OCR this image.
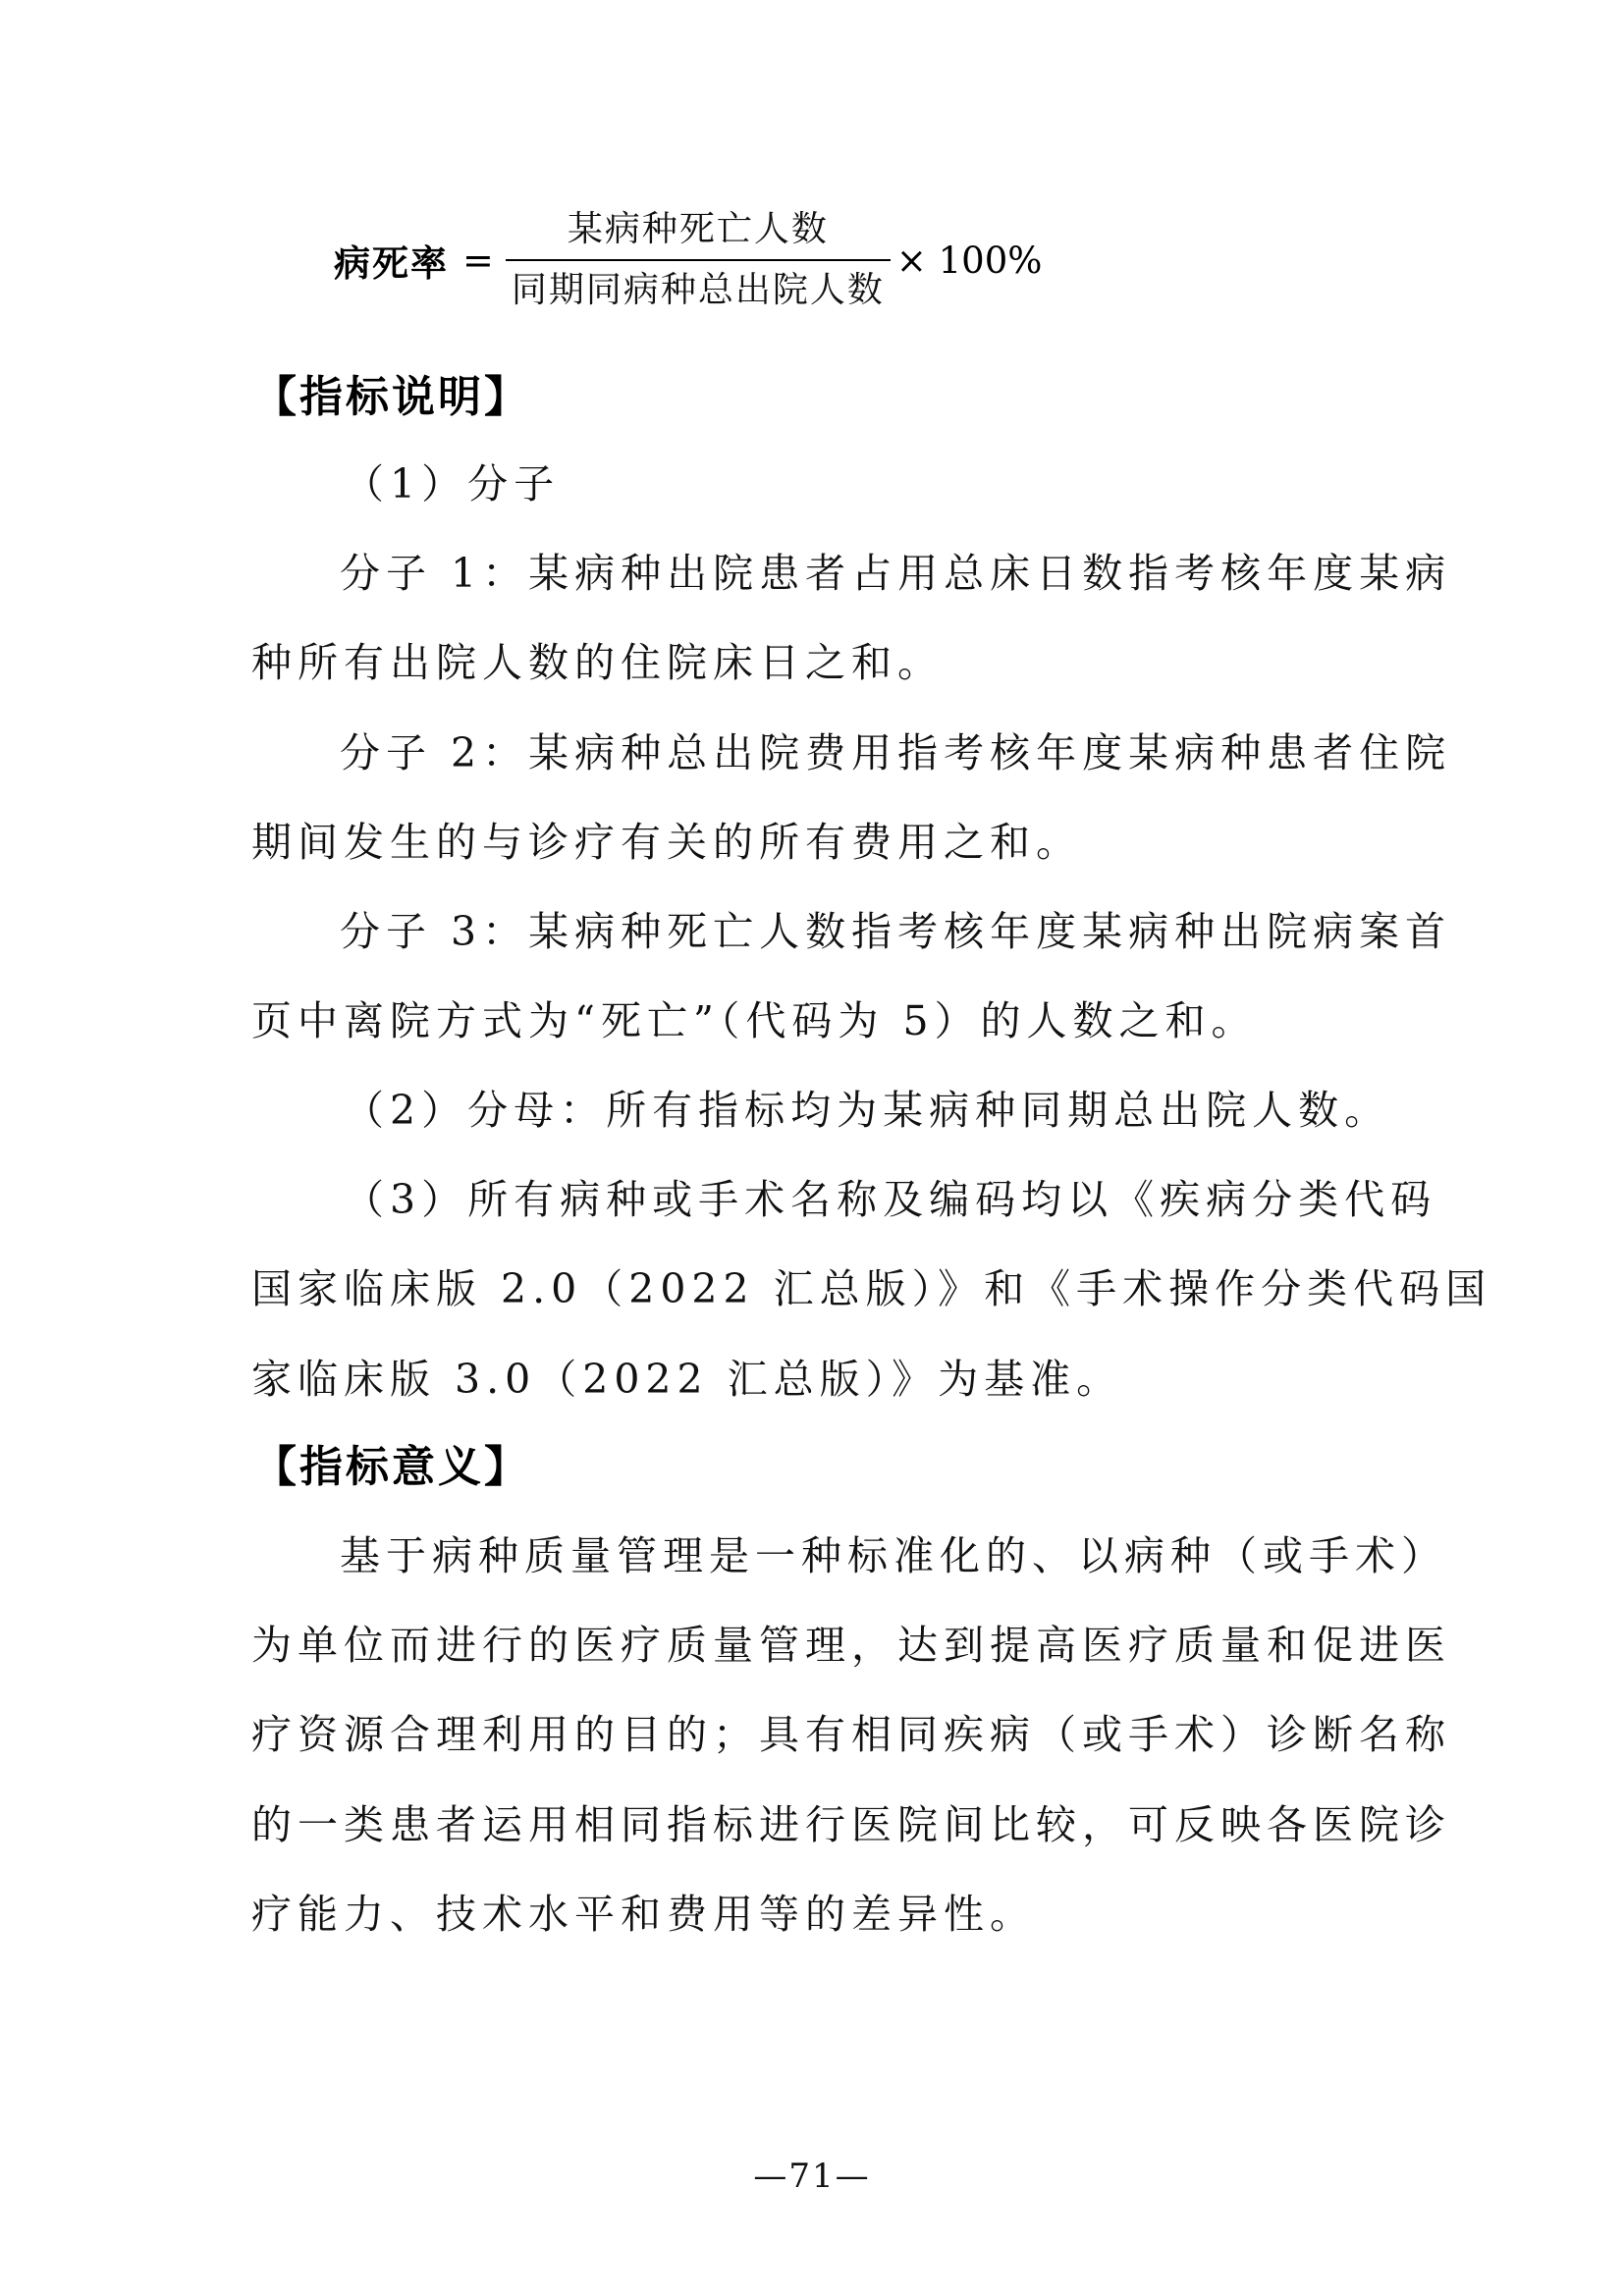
病死率 = $\frac{\text{某病种死亡人数}}{\text{同期同病种总出院人数}} \times 100\%$
【指标说明】
（1）分子
分子 1：某病种出院患者占用总床日数指考核年度某病
种所有出院人数的住院床日之和。
分子 2：某病种总出院费用指考核年度某病种患者住院
期间发生的与诊疗有关的所有费用之和。
分子 3：某病种死亡人数指考核年度某病种出院病案首
页中离院方式为“死亡”（代码为 5）的人数之和。
（2）分母：所有指标均为某病种同期总出院人数。
（3）所有病种或手术名称及编码均以《疾病分类代码
国家临床版 2.0（2022 汇总版）》和《手术操作分类代码国
家临床版 3.0（2022 汇总版）》为基准。
【指标意义】
基于病种质量管理是一种标准化的、以病种（或手术）
为单位而进行的医疗质量管理，达到提高医疗质量和促进医
疗资源合理利用的目的；具有相同疾病（或手术）诊断名称
的一类患者运用相同指标进行医院间比较，可反映各医院诊
疗能力、技术水平和费用等的差异性。
—71—
